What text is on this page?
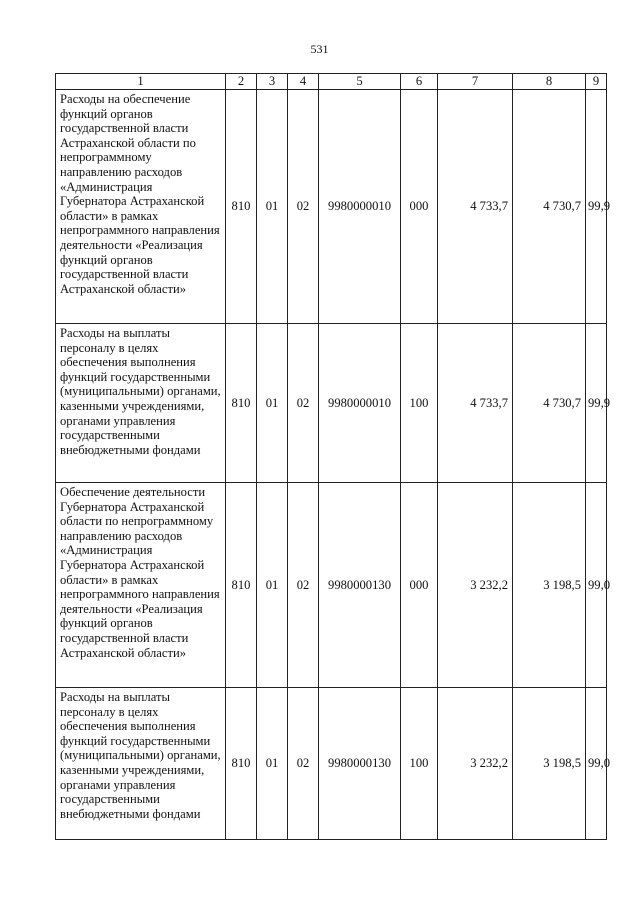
531
1	2	3	4	5	6	7	8	9
Расходы на обеспечение функций органов государственной власти Астраханской области по непрограммному направлению расходов «Администрация Губернатора Астраханской области» в рамках непрограммного направления деятельности «Реализация функций органов государственной власти Астраханской области»	810	01	02	9980000010	000	4 733,7	4 730,7	99,9
Расходы на выплаты персоналу в целях обеспечения выполнения функций государственными (муниципальными) органами, казенными учреждениями, органами управления государственными внебюджетными фондами	810	01	02	9980000010	100	4 733,7	4 730,7	99,9
Обеспечение деятельности Губернатора Астраханской области по непрограммному направлению расходов «Администрация Губернатора Астраханской области» в рамках непрограммного направления деятельности «Реализация функций органов государственной власти Астраханской области»	810	01	02	9980000130	000	3 232,2	3 198,5	99,0
Расходы на выплаты персоналу в целях обеспечения выполнения функций государственными (муниципальными) органами, казенными учреждениями, органами управления государственными внебюджетными фондами	810	01	02	9980000130	100	3 232,2	3 198,5	99,0
